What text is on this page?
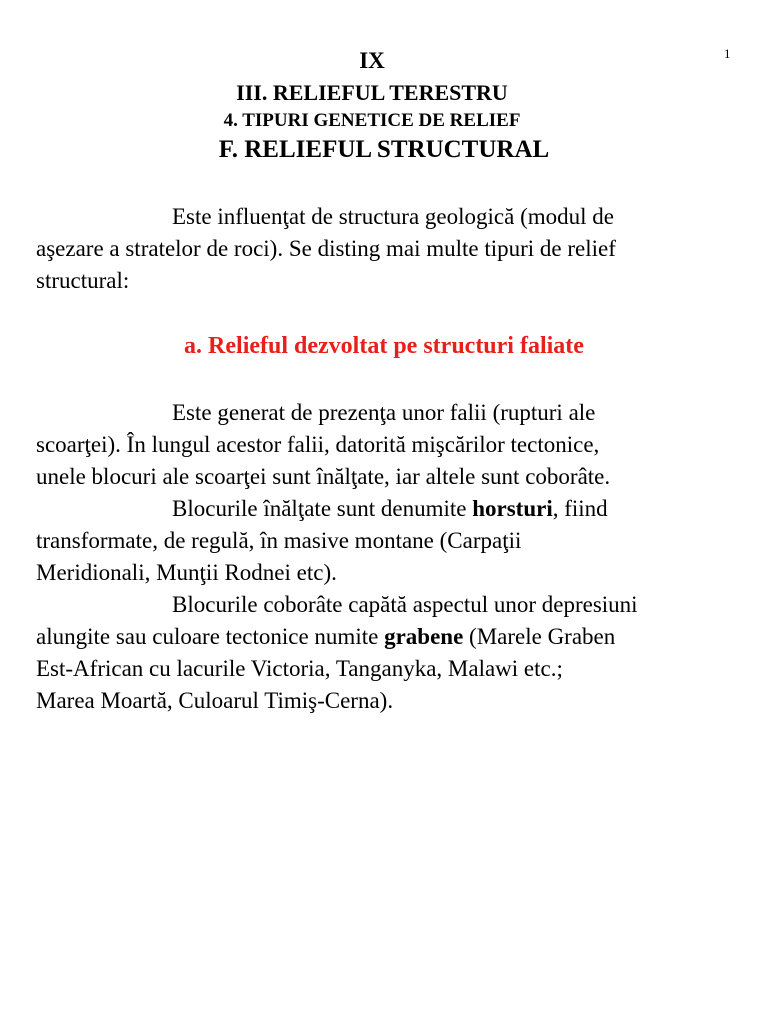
1
IX
III. RELIEFUL TERESTRU
4. TIPURI GENETICE DE RELIEF
F. RELIEFUL STRUCTURAL
Este influenţat de structura geologică (modul de
aşezare a stratelor de roci). Se disting mai multe tipuri de relief
structural:
a. Relieful dezvoltat pe structuri faliate
Este generat de prezenţa unor falii (rupturi ale
scoarţei). În lungul acestor falii, datorită mişcărilor tectonice,
unele blocuri ale scoarţei sunt înălţate, iar altele sunt coborâte.
Blocurile înălţate sunt denumite horsturi, fiind
transformate, de regulă, în masive montane (Carpaţii
Meridionali, Munţii Rodnei etc).
Blocurile coborâte capătă aspectul unor depresiuni
alungite sau culoare tectonice numite grabene (Marele Graben
Est-African cu lacurile Victoria, Tanganyka, Malawi etc.;
Marea Moartă, Culoarul Timiş-Cerna).
